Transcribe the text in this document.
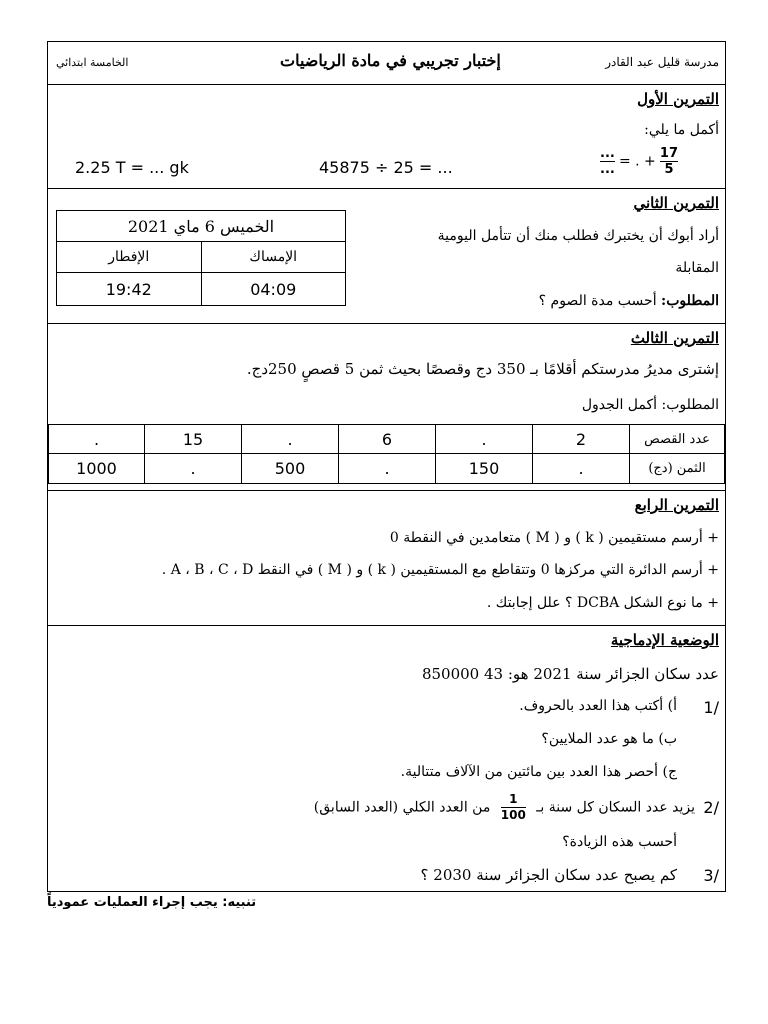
مدرسة قليل عبد القادر
إختبار تجريبي في مادة الرياضيات
الخامسة ابتدائي
التمرين الأول
أكمل ما يلي:
$\frac{...}{...}$ = . + $\frac{17}{5}$
45875 ÷ 25 = ...
2.25 T = ... gk
التمرين الثاني
أراد أبوك أن يختبرك فطلب منك أن تتأمل اليومية
المقابلة
المطلوب: أحسب مدة الصوم ؟
الخميس 6 ماي 2021	
الإفطار	الإمساك
19:42	04:09
التمرين الثالث
إشترى مديرُ مدرستكم أقلامًا بـ 350 دج وقصصًا بحيث ثمن 5 قصصٍ 250دج.
المطلوب: أكمل الجدول
.	15	.	6	.	2	عدد القصص
1000	.	500	.	150	.	الثمن (دج)
التمرين الرابع
+ أرسم مستقيمين ( k ) و ( M ) متعامدين في النقطة 0
+ أرسم الدائرة التي مركزها 0 وتتقاطع مع المستقيمين ( k ) و ( M ) في النقط A ، B ، C ، D .
+ ما نوع الشكل DCBA ؟ علل إجابتك .
الوضعية الإدماجية
عدد سكان الجزائر سنة 2021 هو: 43 850000
1/
أ) أكتب هذا العدد بالحروف.
ب) ما هو عدد الملايين؟
ج) أحصر هذا العدد بين مائتين من الآلاف متتالية.
2/
يزيد عدد السكان كل سنة بـ
$\frac{1}{100}$
من العدد الكلي (العدد السابق)
أحسب هذه الزيادة؟
3/
كم يصبح عدد سكان الجزائر سنة 2030 ؟
تنبيه: يجب إجراء العمليات عمودياً
